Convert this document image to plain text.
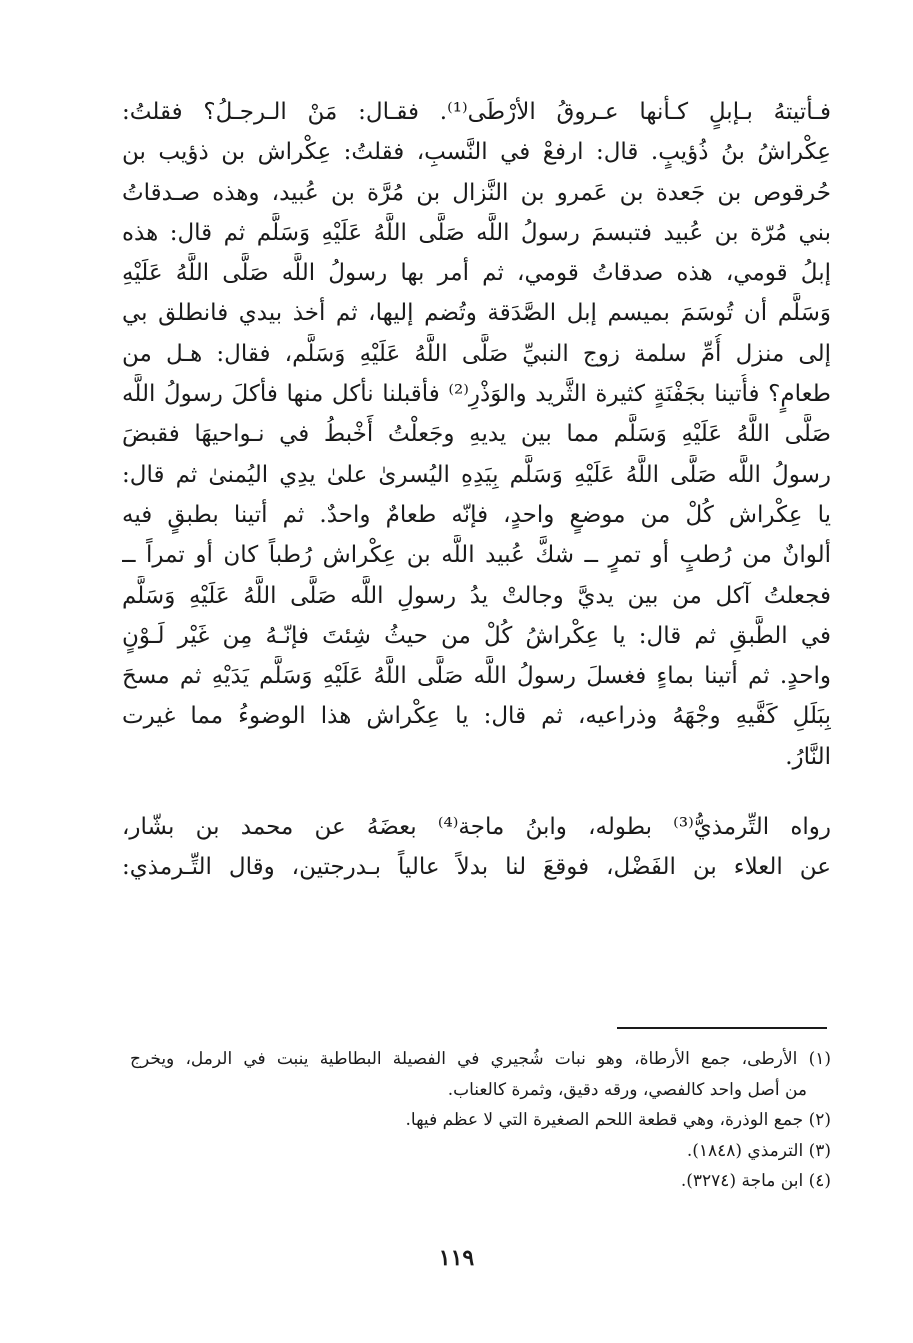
فـأتيتهُ بـإبلٍ كـأنها عـروقُ الأرْطَى⁽¹⁾. فقـال: مَنْ الـرجـلُ؟ فقلتُ:
عِكْراشُ بنُ ذُؤيبٍ. قال: ارفعْ في النَّسبِ، فقلتُ: عِكْراش بن ذؤيب بن
حُرقوص بن جَعدة بن عَمرو بن النَّزال بن مُرَّة بن عُبيد، وهذه صـدقاتُ
بني مُرّة بن عُبيد فتبسمَ رسولُ اللَّه صَلَّى اللَّهُ عَلَيْهِ وَسَلَّم ثم قال: هذه
إبلُ قومي، هذه صدقاتُ قومي، ثم أمر بها رسولُ اللَّه صَلَّى اللَّهُ عَلَيْهِ
وَسَلَّم أن تُوسَمَ بميسم إبل الصَّدَقة وتُضم إليها، ثم أخذ بيدي فانطلق بي
إلى منزل أُمِّ سلمة زوج النبيِّ صَلَّى اللَّهُ عَلَيْهِ وَسَلَّم، فقال: هـل من
طعامٍ؟ فأُتينا بجَفْنَةٍ كثيرة الثَّريد والوَذْرِ⁽²⁾ فأقبلنا نأكل منها فأكلَ رسولُ اللَّه
صَلَّى اللَّهُ عَلَيْهِ وَسَلَّم مما بين يديهِ وجَعلْتُ أَخْبطُ في نـواحيهَا فقبضَ
رسولُ اللَّه صَلَّى اللَّهُ عَلَيْهِ وَسَلَّم بِيَدِهِ اليُسرىٰ علىٰ يدِي اليُمنىٰ ثم قال:
يا عِكْراش كُلْ من موضعٍ واحدٍ، فإنّه طعامٌ واحدٌ. ثم أتينا بطبقٍ فيه
ألوانٌ من رُطبٍ أو تمرٍ ــ شكَّ عُبيد اللَّه بن عِكْراش رُطباً كان أو تمراً ــ
فجعلتُ آكل من بين يديَّ وجالتْ يدُ رسولِ اللَّه صَلَّى اللَّهُ عَلَيْهِ وَسَلَّم
في الطَّبقِ ثم قال: يا عِكْراشُ كُلْ من حيثُ شِئتَ فإنّـهُ مِن غَيْر لَـوْنٍ
واحدٍ. ثم أتينا بماءٍ فغسلَ رسولُ اللَّه صَلَّى اللَّهُ عَلَيْهِ وَسَلَّم يَدَيْهِ ثم مسحَ
بِبَلَلِ كَفَّيهِ وجْهَهُ وذراعيه، ثم قال: يا عِكْراش هذا الوضوءُ مما غيرت
النَّارُ.
رواه التِّرمذيُّ⁽³⁾ بطوله، وابنُ ماجة⁽⁴⁾ بعضَهُ عن محمد بن بشّار،
عن العلاء بن الفَضْل، فوقعَ لنا بدلاً عالياً بـدرجتين، وقال التِّـرمذي:
(١) الأرطى، جمع الأرطاة، وهو نبات شُجيري في الفصيلة البطاطية ينبت في الرمل، ويخرج
من أصل واحد كالفصي، ورقه دقيق، وثمرة كالعناب.
(٢) جمع الوذرة، وهي قطعة اللحم الصغيرة التي لا عظم فيها.
(٣) الترمذي (١٨٤٨).
(٤) ابن ماجة (٣٢٧٤).
١١٩
